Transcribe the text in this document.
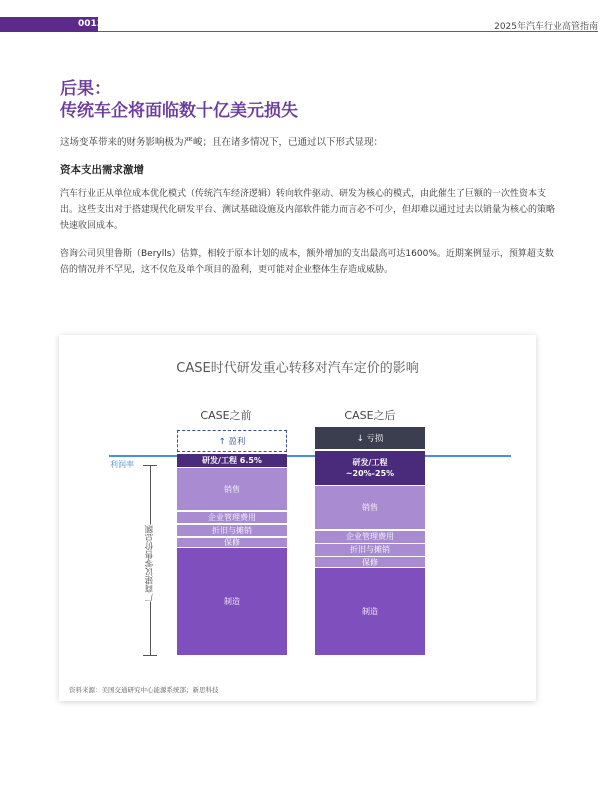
0013	2025年汽车行业高管指南
后果：
传统车企将面临数十亿美元损失
这场变革带来的财务影响极为严峻；且在诸多情况下，已通过以下形式显现：
资本支出需求激增
汽车行业正从单位成本优化模式（传统汽车经济逻辑）转向软件驱动、研发为核心的模式，由此催生了巨额的一次性资本支出。这些支出对于搭建现代化研发平台、测试基础设施及内部软件能力而言必不可少，但却难以通过过去以销量为核心的策略快速收回成本。
咨询公司贝里鲁斯（Berylls）估算，相较于原本计划的成本，额外增加的支出最高可达1600%。近期案例显示，预算超支数倍的情况并不罕见，这不仅危及单个项目的盈利，更可能对企业整体生存造成威胁。
CASE时代研发重心转移对汽车定价的影响
CASE之前	CASE之后
↑ 盈利	↓ 亏损
利润率
厂商建议零售价总额
资料来源：美国交通研究中心能源系统部；新思科技
研发/工程 6.5%
销售
企业管理费用
折旧与摊销
保修
制造
研发/工程
~20%-25%
销售
企业管理费用
折旧与摊销
保修
制造
